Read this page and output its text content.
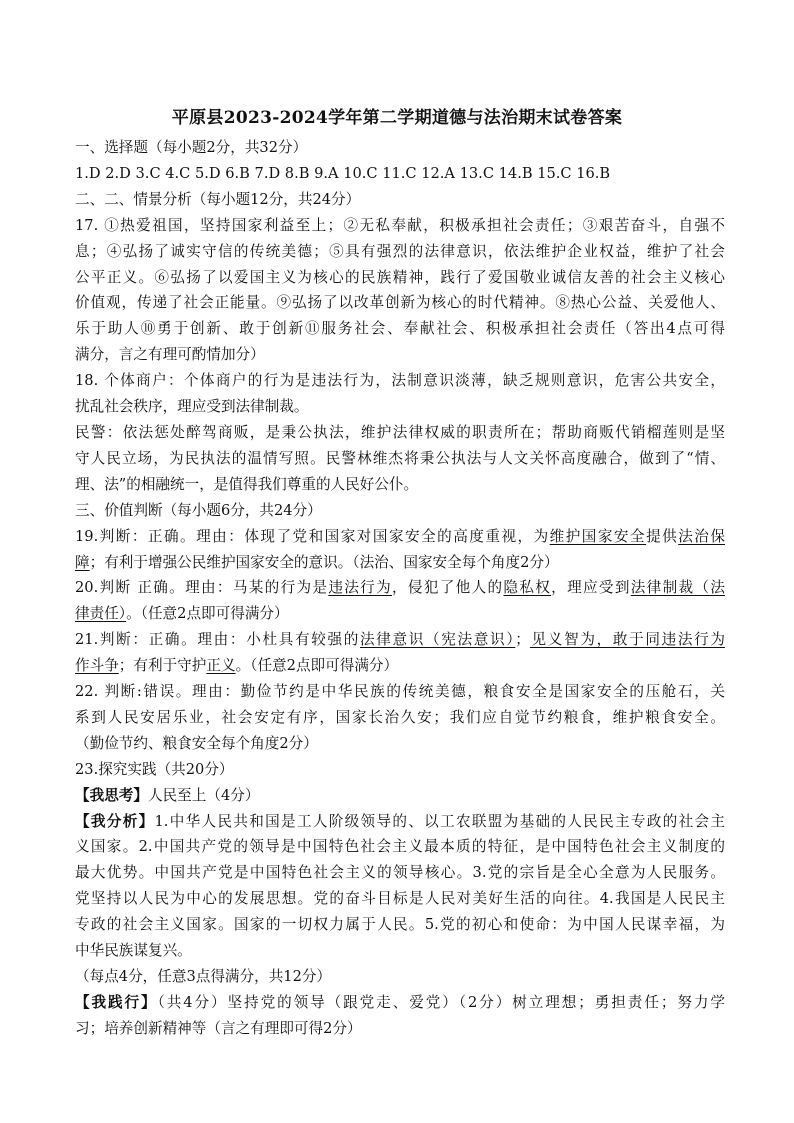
平原县2023-2024学年第二学期道德与法治期末试卷答案
一、选择题（每小题2分，共32分）
1.D 2.D 3.C 4.C 5.D 6.B 7.D 8.B 9.A 10.C 11.C 12.A 13.C 14.B 15.C 16.B
二、二、情景分析（每小题12分，共24分）
17. ①热爱祖国，坚持国家利益至上；②无私奉献，积极承担社会责任；③艰苦奋斗，自强不
息；④弘扬了诚实守信的传统美德；⑤具有强烈的法律意识，依法维护企业权益，维护了社会
公平正义。⑥弘扬了以爱国主义为核心的民族精神，践行了爱国敬业诚信友善的社会主义核心
价值观，传递了社会正能量。⑨弘扬了以改革创新为核心的时代精神。⑧热心公益、关爱他人、
乐于助人⑩勇于创新、敢于创新⑪服务社会、奉献社会、积极承担社会责任（答出4点可得
满分，言之有理可酌情加分）
18. 个体商户：个体商户的行为是违法行为，法制意识淡薄，缺乏规则意识，危害公共安全，
扰乱社会秩序，理应受到法律制裁。
民警：依法惩处醉驾商贩，是秉公执法，维护法律权威的职责所在；帮助商贩代销榴莲则是坚
守人民立场，为民执法的温情写照。民警林维杰将秉公执法与人文关怀高度融合，做到了“情、
理、法”的相融统一，是值得我们尊重的人民好公仆。
三、价值判断（每小题6分，共24分）
19.判断：正确。理由：体现了党和国家对国家安全的高度重视，为维护国家安全提供法治保
障；有利于增强公民维护国家安全的意识。（法治、国家安全每个角度2分）
20.判断 正确。理由：马某的行为是违法行为，侵犯了他人的隐私权，理应受到法律制裁（法
律责任）。（任意2点即可得满分）
21.判断：正确。理由：小杜具有较强的法律意识（宪法意识）；见义智为，敢于同违法行为
作斗争；有利于守护正义。（任意2点即可得满分）
22. 判断:错误。理由：勤俭节约是中华民族的传统美德，粮食安全是国家安全的压舱石，关
系到人民安居乐业，社会安定有序，国家长治久安；我们应自觉节约粮食，维护粮食安全。
（勤俭节约、粮食安全每个角度2分）
23.探究实践（共20分）
【我思考】人民至上（4分）
【我分析】1.中华人民共和国是工人阶级领导的、以工农联盟为基础的人民民主专政的社会主
义国家。2.中国共产党的领导是中国特色社会主义最本质的特征，是中国特色社会主义制度的
最大优势。中国共产党是中国特色社会主义的领导核心。3.党的宗旨是全心全意为人民服务。
党坚持以人民为中心的发展思想。党的奋斗目标是人民对美好生活的向往。4.我国是人民民主
专政的社会主义国家。国家的一切权力属于人民。5.党的初心和使命：为中国人民谋幸福，为
中华民族谋复兴。
（每点4分，任意3点得满分，共12分）
【我践行】（共4分）坚持党的领导（跟党走、爱党）（2分）树立理想；勇担责任；努力学
习；培养创新精神等（言之有理即可得2分）
